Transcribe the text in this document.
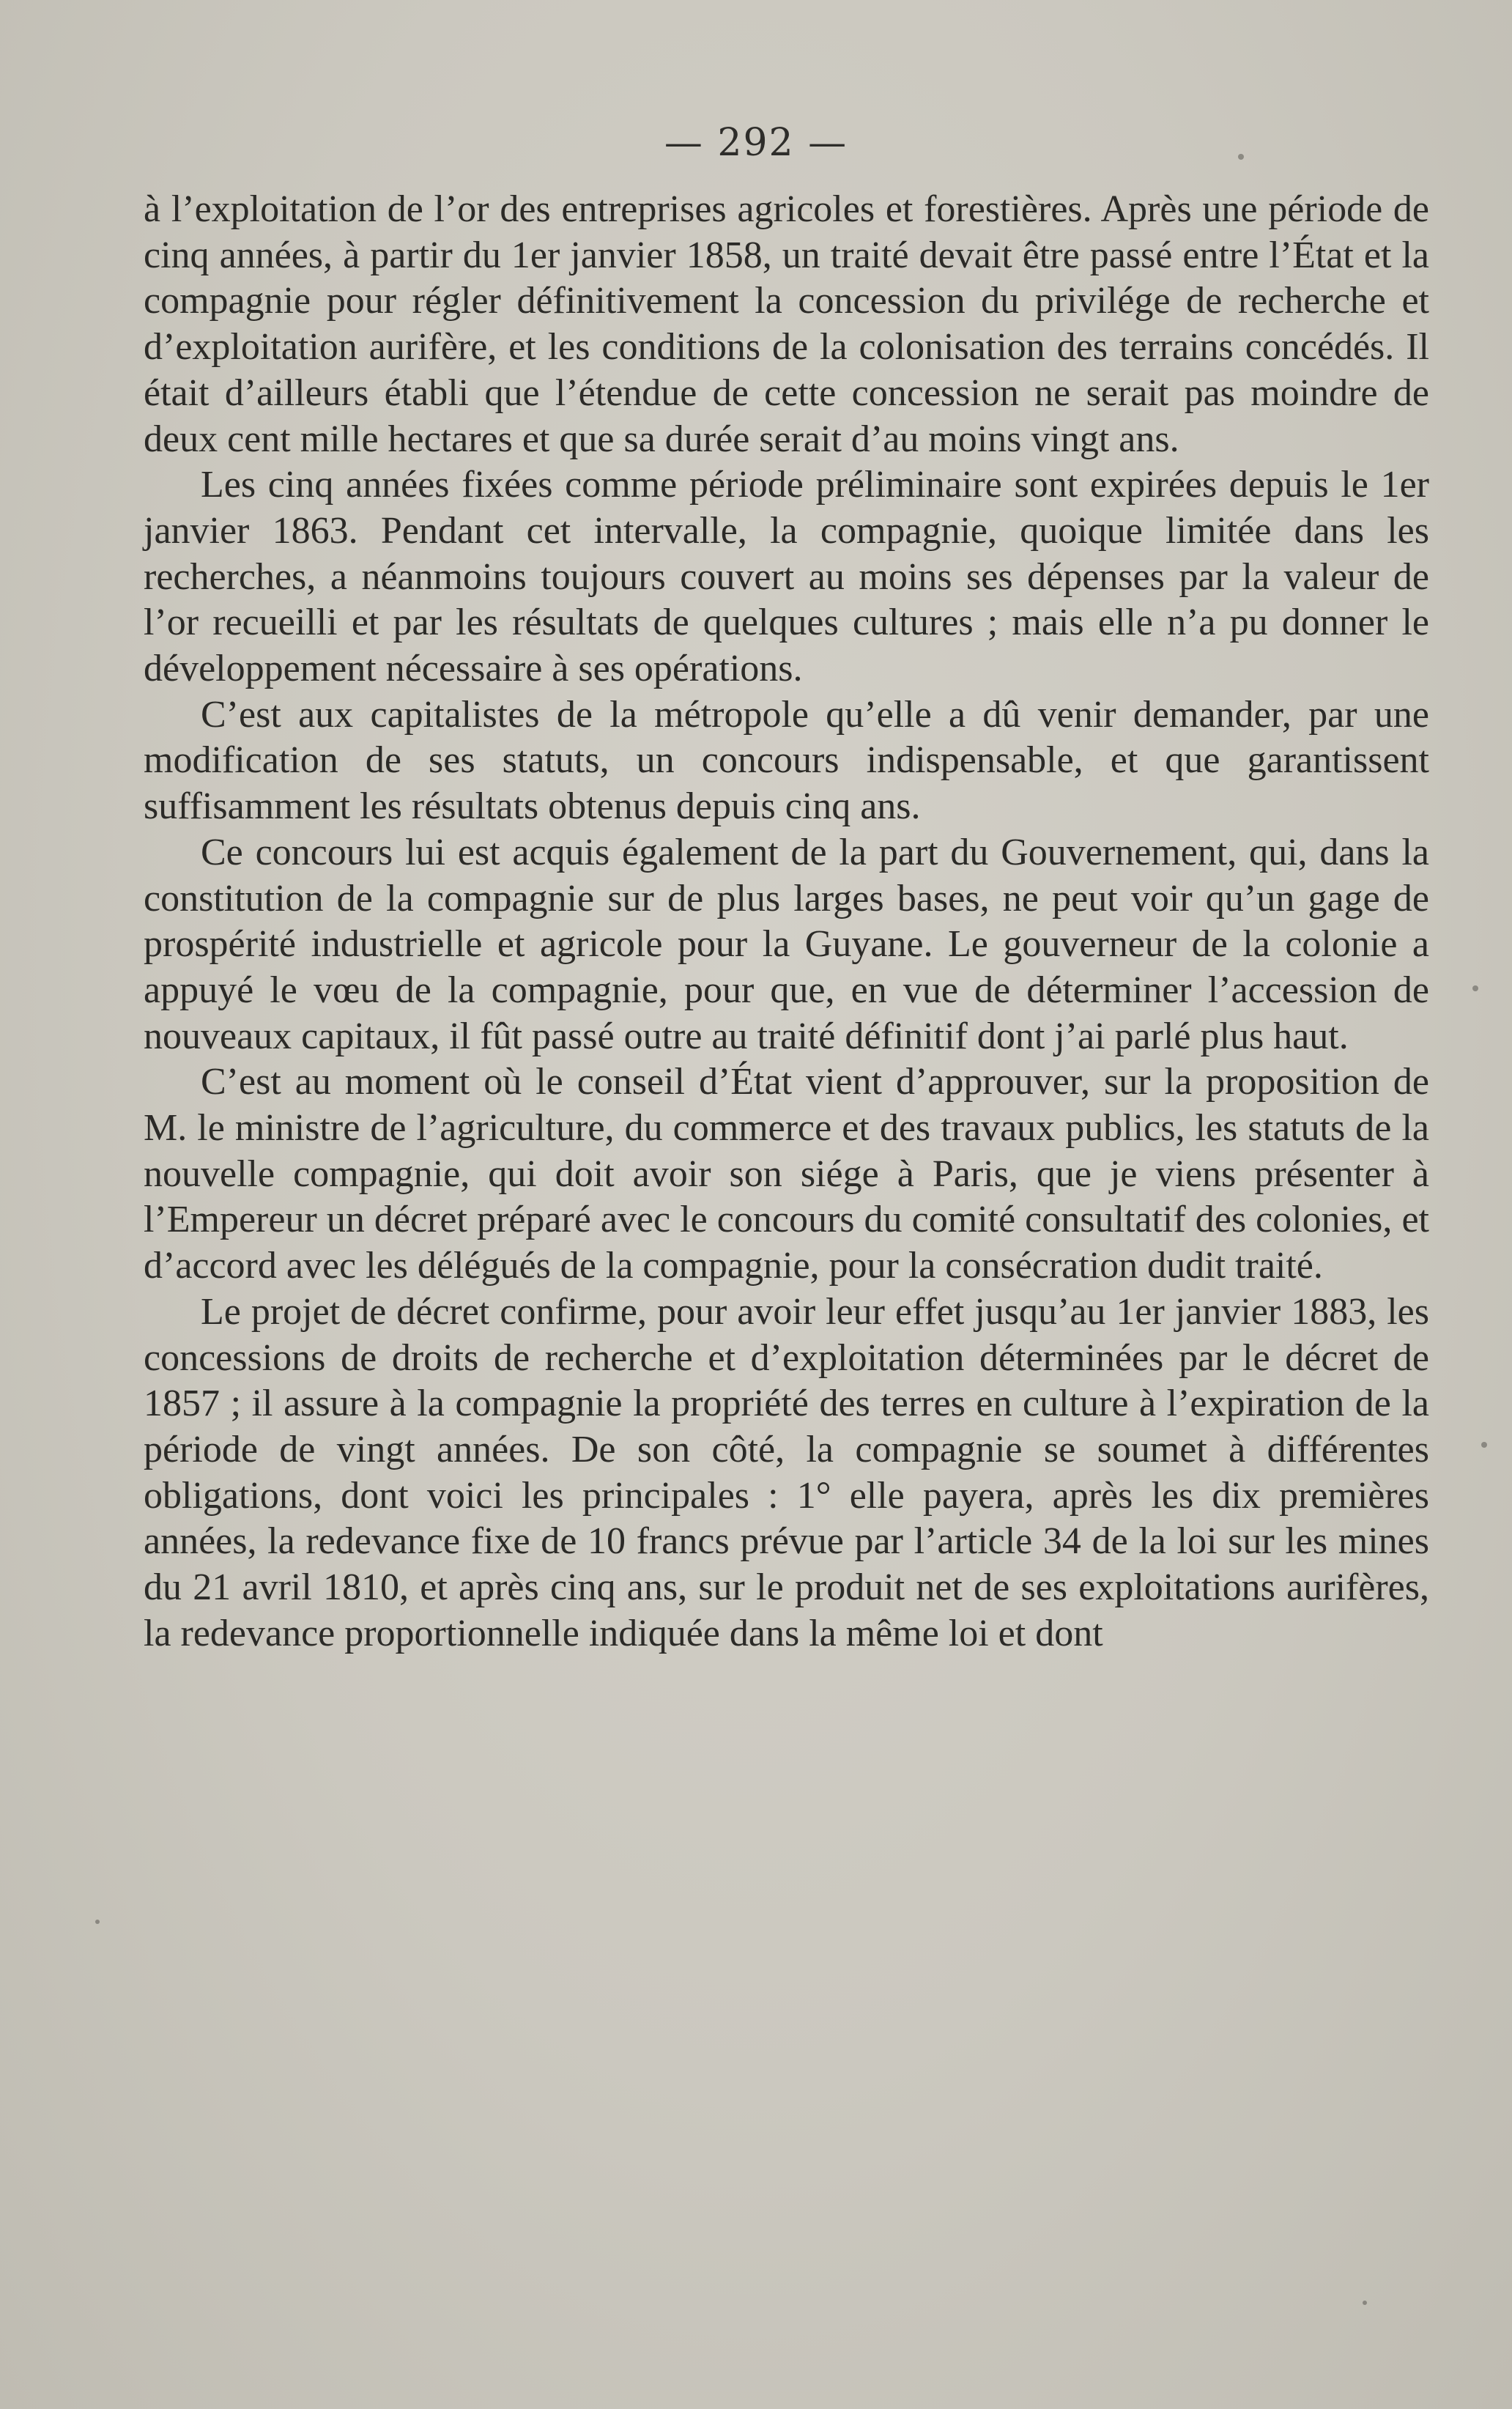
— 292 —

à l’exploitation de l’or des entreprises agricoles et forestières. Après une période de cinq années, à partir du 1er janvier 1858, un traité devait être passé entre l’État et la compagnie pour régler définitivement la concession du privilége de recherche et d’exploitation aurifère, et les conditions de la colonisation des terrains concédés. Il était d’ailleurs établi que l’étendue de cette concession ne serait pas moindre de deux cent mille hectares et que sa durée serait d’au moins vingt ans.

Les cinq années fixées comme période préliminaire sont expirées depuis le 1er janvier 1863. Pendant cet intervalle, la compagnie, quoique limitée dans les recherches, a néanmoins toujours couvert au moins ses dépenses par la valeur de l’or recueilli et par les résultats de quelques cultures ; mais elle n’a pu donner le développement nécessaire à ses opérations.

C’est aux capitalistes de la métropole qu’elle a dû venir demander, par une modification de ses statuts, un concours indispensable, et que garantissent suffisamment les résultats obtenus depuis cinq ans.

Ce concours lui est acquis également de la part du Gouvernement, qui, dans la constitution de la compagnie sur de plus larges bases, ne peut voir qu’un gage de prospérité industrielle et agricole pour la Guyane. Le gouverneur de la colonie a appuyé le vœu de la compagnie, pour que, en vue de déterminer l’accession de nouveaux capitaux, il fût passé outre au traité définitif dont j’ai parlé plus haut.

C’est au moment où le conseil d’État vient d’approuver, sur la proposition de M. le ministre de l’agriculture, du commerce et des travaux publics, les statuts de la nouvelle compagnie, qui doit avoir son siége à Paris, que je viens présenter à l’Empereur un décret préparé avec le concours du comité consultatif des colonies, et d’accord avec les délégués de la compagnie, pour la consécration dudit traité.

Le projet de décret confirme, pour avoir leur effet jusqu’au 1er janvier 1883, les concessions de droits de recherche et d’exploitation déterminées par le décret de 1857 ; il assure à la compagnie la propriété des terres en culture à l’expiration de la période de vingt années. De son côté, la compagnie se soumet à différentes obligations, dont voici les principales : 1° elle payera, après les dix premières années, la redevance fixe de 10 francs prévue par l’article 34 de la loi sur les mines du 21 avril 1810, et après cinq ans, sur le produit net de ses exploitations aurifères, la redevance proportionnelle indiquée dans la même loi et dont
